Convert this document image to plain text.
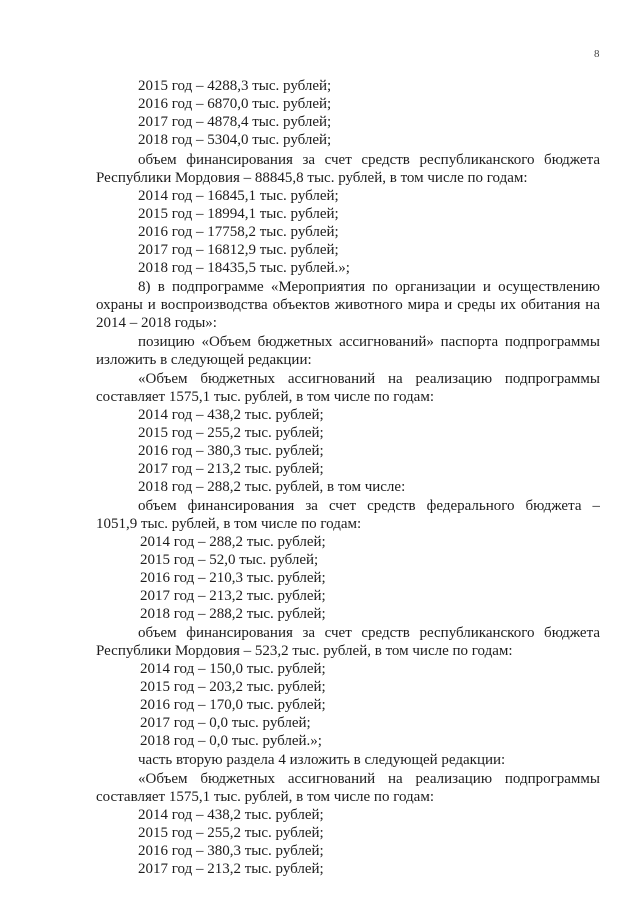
8
2015 год – 4288,3 тыс. рублей;
2016 год – 6870,0 тыс. рублей;
2017 год – 4878,4 тыс. рублей;
2018 год – 5304,0 тыс. рублей;
объем финансирования за счет средств республиканского бюджета
Республики Мордовия – 88845,8 тыс. рублей, в том числе по годам:
2014 год – 16845,1 тыс. рублей;
2015 год – 18994,1 тыс. рублей;
2016 год – 17758,2 тыс. рублей;
2017 год – 16812,9 тыс. рублей;
2018 год – 18435,5 тыс. рублей.»;
8) в подпрограмме «Мероприятия по организации и осуществлению
охраны и воспроизводства объектов животного мира и среды их обитания на
2014 – 2018 годы»:
позицию «Объем бюджетных ассигнований» паспорта подпрограммы
изложить в следующей редакции:
«Объем бюджетных ассигнований на реализацию подпрограммы
составляет 1575,1 тыс. рублей, в том числе по годам:
2014 год – 438,2 тыс. рублей;
2015 год – 255,2 тыс. рублей;
2016 год – 380,3 тыс. рублей;
2017 год – 213,2 тыс. рублей;
2018 год – 288,2 тыс. рублей, в том числе:
объем финансирования за счет средств федерального бюджета –
1051,9 тыс. рублей, в том числе по годам:
2014 год – 288,2 тыс. рублей;
2015 год – 52,0 тыс. рублей;
2016 год – 210,3 тыс. рублей;
2017 год – 213,2 тыс. рублей;
2018 год – 288,2 тыс. рублей;
объем финансирования за счет средств республиканского бюджета
Республики Мордовия – 523,2 тыс. рублей, в том числе по годам:
2014 год – 150,0 тыс. рублей;
2015 год – 203,2 тыс. рублей;
2016 год – 170,0 тыс. рублей;
2017 год – 0,0 тыс. рублей;
2018 год – 0,0 тыс. рублей.»;
часть вторую раздела 4 изложить в следующей редакции:
«Объем бюджетных ассигнований на реализацию подпрограммы
составляет 1575,1 тыс. рублей, в том числе по годам:
2014 год – 438,2 тыс. рублей;
2015 год – 255,2 тыс. рублей;
2016 год – 380,3 тыс. рублей;
2017 год – 213,2 тыс. рублей;
